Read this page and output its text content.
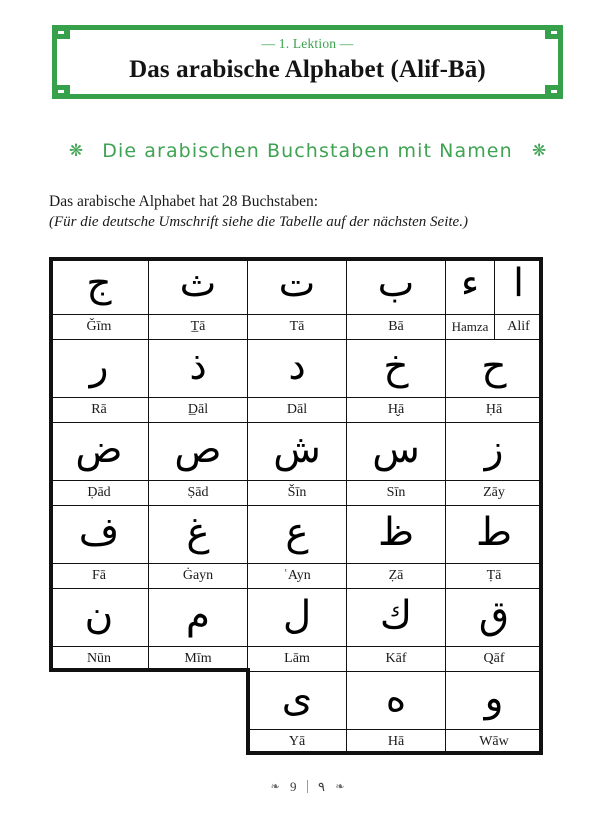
— 1. Lektion —
Das arabische Alphabet (Alif-Bā)
❋ Die arabischen Buchstaben mit Namen ❋
Das arabische Alphabet hat 28 Buchstaben:
(Für die deutsche Umschrift siehe die Tabelle auf der nächsten Seite.)
ج
Ǧīm
ث
T̲ā
ت
Tā
ب
Bā
ء
Hamza
ا
Alif
ر
Rā
ذ
D̲āl
د
Dāl
خ
H̬ā
ح
Ḥā
ض
Ḍād
ص
Ṣād
ش
Šīn
س
Sīn
ز
Zāy
ف
Fā
غ
Ġayn
ع
ʿAyn
ظ
Ẓā
ط
Ṭā
ن
Nūn
م
Mīm
ل
Lām
ك
Kāf
ق
Qāf
ى
Yā
ه
Hā
و
Wāw
❧ 9 ٩ ❧
